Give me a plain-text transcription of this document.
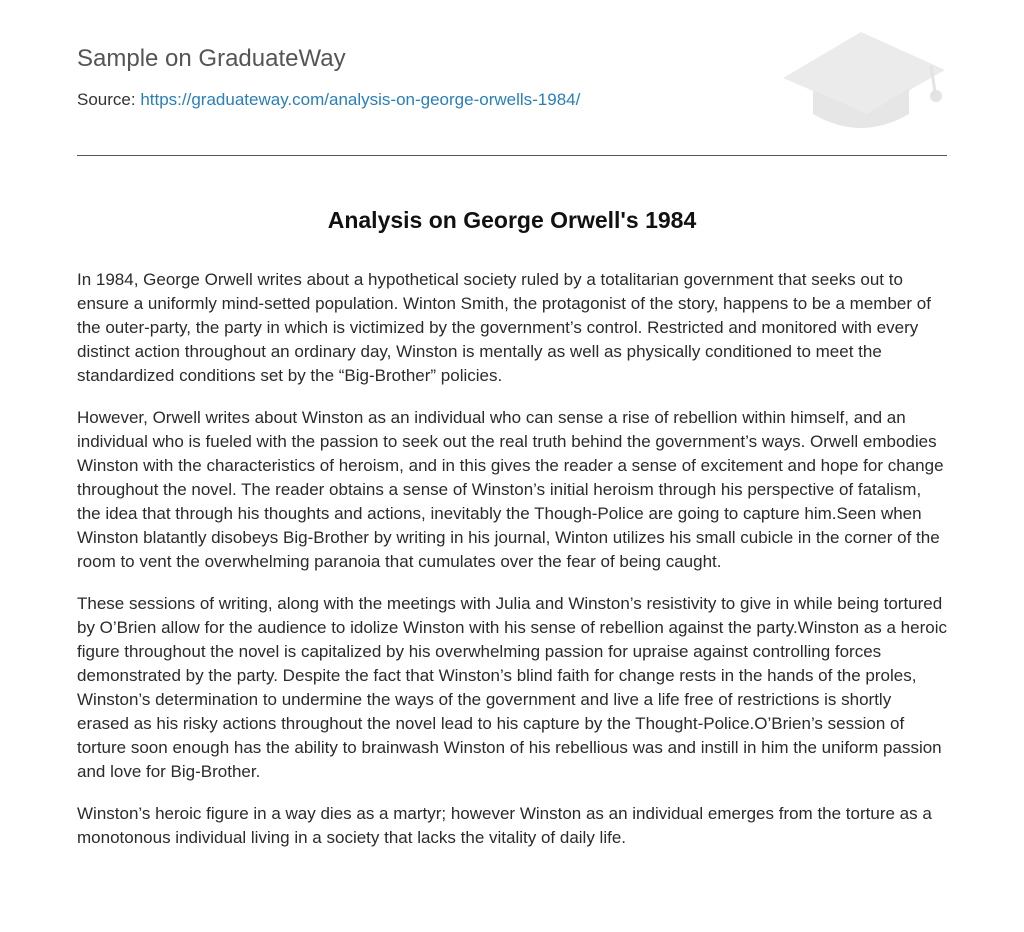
Sample on GraduateWay
Source: https://graduateway.com/analysis-on-george-orwells-1984/
Analysis on George Orwell's 1984

In 1984, George Orwell writes about a hypothetical society ruled by a totalitarian government that seeks out to ensure a uniformly mind-setted population. Winton Smith, the protagonist of the story, happens to be a member of the outer-party, the party in which is victimized by the government’s control. Restricted and monitored with every distinct action throughout an ordinary day, Winston is mentally as well as physically conditioned to meet the standardized conditions set by the “Big-Brother” policies.

However, Orwell writes about Winston as an individual who can sense a rise of rebellion within himself, and an individual who is fueled with the passion to seek out the real truth behind the government’s ways. Orwell embodies Winston with the characteristics of heroism, and in this gives the reader a sense of excitement and hope for change throughout the novel. The reader obtains a sense of Winston’s initial heroism through his perspective of fatalism, the idea that through his thoughts and actions, inevitably the Though-Police are going to capture him.Seen when Winston blatantly disobeys Big-Brother by writing in his journal, Winton utilizes his small cubicle in the corner of the room to vent the overwhelming paranoia that cumulates over the fear of being caught.

These sessions of writing, along with the meetings with Julia and Winston’s resistivity to give in while being tortured by O’Brien allow for the audience to idolize Winston with his sense of rebellion against the party.Winston as a heroic figure throughout the novel is capitalized by his overwhelming passion for upraise against controlling forces demonstrated by the party. Despite the fact that Winston’s blind faith for change rests in the hands of the proles, Winston’s determination to undermine the ways of the government and live a life free of restrictions is shortly erased as his risky actions throughout the novel lead to his capture by the Thought-Police.O’Brien’s session of torture soon enough has the ability to brainwash Winston of his rebellious was and instill in him the uniform passion and love for Big-Brother.

Winston’s heroic figure in a way dies as a martyr; however Winston as an individual emerges from the torture as a monotonous individual living in a society that lacks the vitality of daily life.
